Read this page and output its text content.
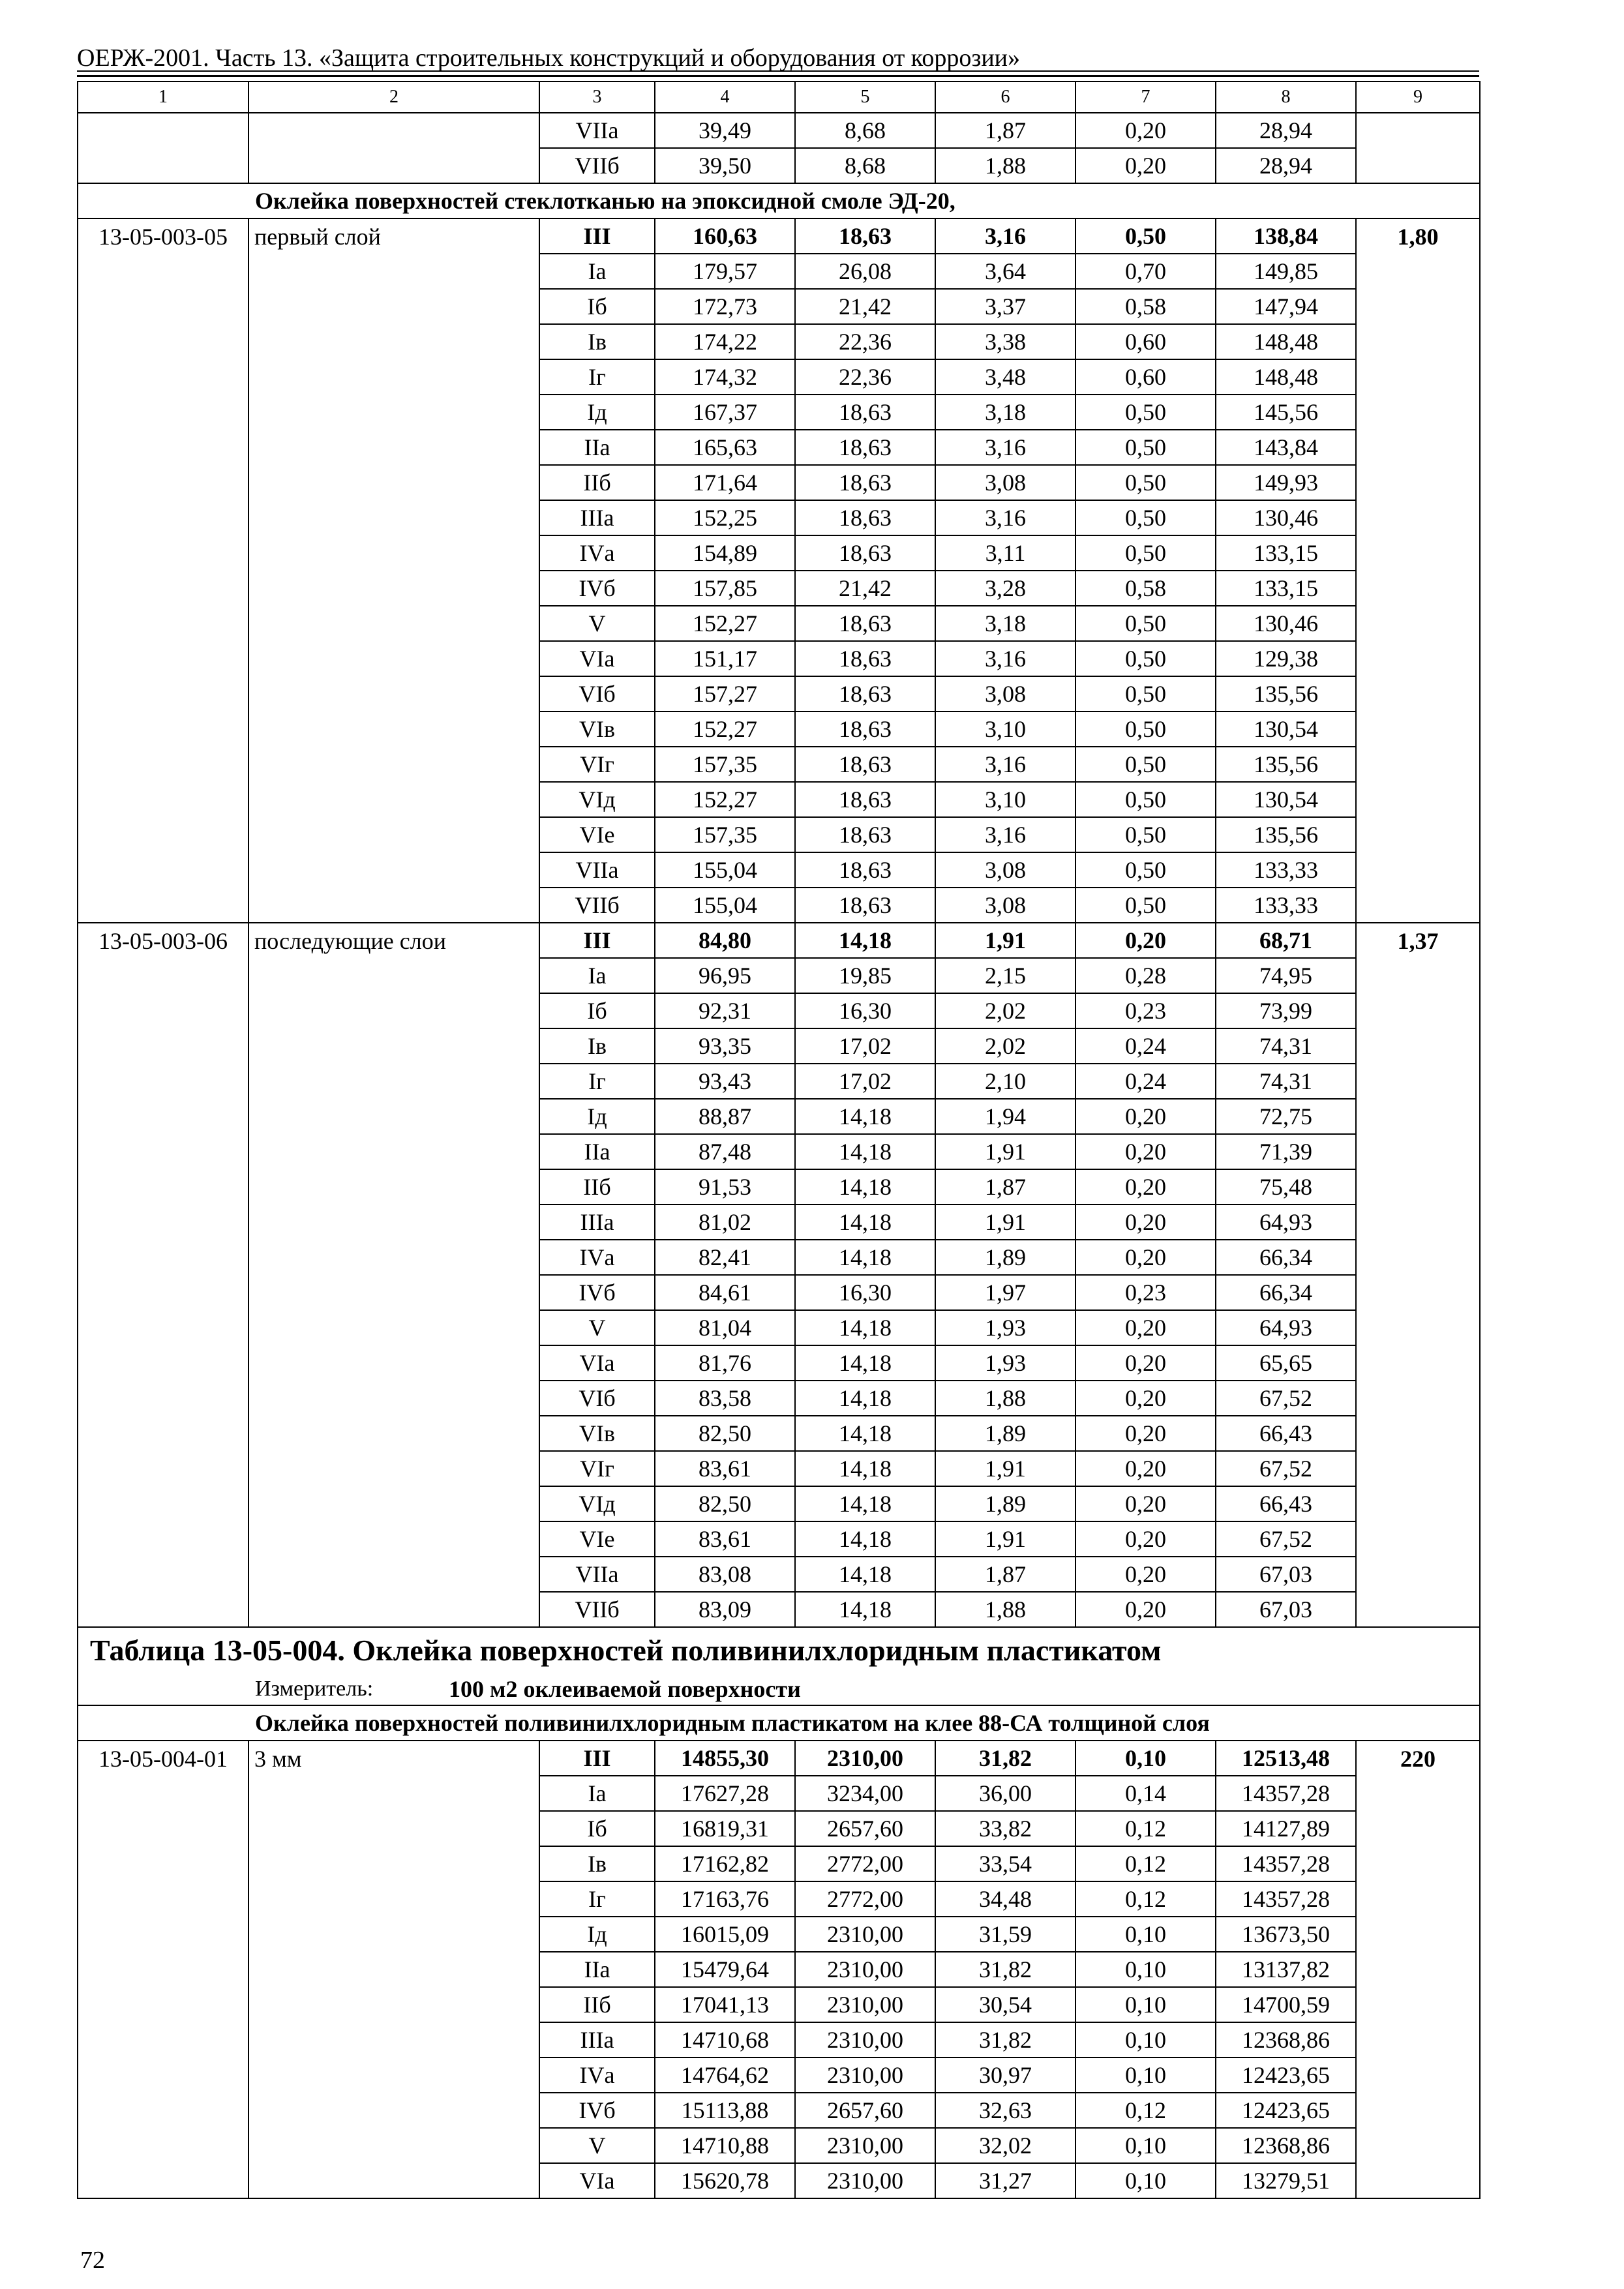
ОЕРЖ-2001. Часть 13. «Защита строительных конструкций и оборудования от коррозии»
1	2	3	4	5	6	7	8	9
		VIIа	39,49	8,68	1,87	0,20	28,94	
		VIIб	39,50	8,68	1,88	0,20	28,94	
Оклейка поверхностей стеклотканью на эпоксидной смоле ЭД-20,								
13-05-003-05	первый слой	III	160,63	18,63	3,16	0,50	138,84	1,80
		Iа	179,57	26,08	3,64	0,70	149,85	
		Iб	172,73	21,42	3,37	0,58	147,94	
		Iв	174,22	22,36	3,38	0,60	148,48	
		Iг	174,32	22,36	3,48	0,60	148,48	
		Iд	167,37	18,63	3,18	0,50	145,56	
		IIа	165,63	18,63	3,16	0,50	143,84	
		IIб	171,64	18,63	3,08	0,50	149,93	
		IIIа	152,25	18,63	3,16	0,50	130,46	
		IVа	154,89	18,63	3,11	0,50	133,15	
		IVб	157,85	21,42	3,28	0,58	133,15	
		V	152,27	18,63	3,18	0,50	130,46	
		VIа	151,17	18,63	3,16	0,50	129,38	
		VIб	157,27	18,63	3,08	0,50	135,56	
		VIв	152,27	18,63	3,10	0,50	130,54	
		VIг	157,35	18,63	3,16	0,50	135,56	
		VIд	152,27	18,63	3,10	0,50	130,54	
		VIе	157,35	18,63	3,16	0,50	135,56	
		VIIа	155,04	18,63	3,08	0,50	133,33	
		VIIб	155,04	18,63	3,08	0,50	133,33	
13-05-003-06	последующие слои	III	84,80	14,18	1,91	0,20	68,71	1,37
		Iа	96,95	19,85	2,15	0,28	74,95	
		Iб	92,31	16,30	2,02	0,23	73,99	
		Iв	93,35	17,02	2,02	0,24	74,31	
		Iг	93,43	17,02	2,10	0,24	74,31	
		Iд	88,87	14,18	1,94	0,20	72,75	
		IIа	87,48	14,18	1,91	0,20	71,39	
		IIб	91,53	14,18	1,87	0,20	75,48	
		IIIа	81,02	14,18	1,91	0,20	64,93	
		IVа	82,41	14,18	1,89	0,20	66,34	
		IVб	84,61	16,30	1,97	0,23	66,34	
		V	81,04	14,18	1,93	0,20	64,93	
		VIа	81,76	14,18	1,93	0,20	65,65	
		VIб	83,58	14,18	1,88	0,20	67,52	
		VIв	82,50	14,18	1,89	0,20	66,43	
		VIг	83,61	14,18	1,91	0,20	67,52	
		VIд	82,50	14,18	1,89	0,20	66,43	
		VIе	83,61	14,18	1,91	0,20	67,52	
		VIIа	83,08	14,18	1,87	0,20	67,03	
		VIIб	83,09	14,18	1,88	0,20	67,03	

Таблица 13-05-004. Оклейка поверхностей поливинилхлоридным пластикатом
Измеритель: 100 м2 оклеиваемой поверхности								

Оклейка поверхностей поливинилхлоридным пластикатом на клее 88-СА толщиной слоя								
13-05-004-01	3 мм	III	14855,30	2310,00	31,82	0,10	12513,48	220
		Iа	17627,28	3234,00	36,00	0,14	14357,28	
		Iб	16819,31	2657,60	33,82	0,12	14127,89	
		Iв	17162,82	2772,00	33,54	0,12	14357,28	
		Iг	17163,76	2772,00	34,48	0,12	14357,28	
		Iд	16015,09	2310,00	31,59	0,10	13673,50	
		IIа	15479,64	2310,00	31,82	0,10	13137,82	
		IIб	17041,13	2310,00	30,54	0,10	14700,59	
		IIIа	14710,68	2310,00	31,82	0,10	12368,86	
		IVа	14764,62	2310,00	30,97	0,10	12423,65	
		IVб	15113,88	2657,60	32,63	0,12	12423,65	
		V	14710,88	2310,00	32,02	0,10	12368,86	
		VIа	15620,78	2310,00	31,27	0,10	13279,51	
72
